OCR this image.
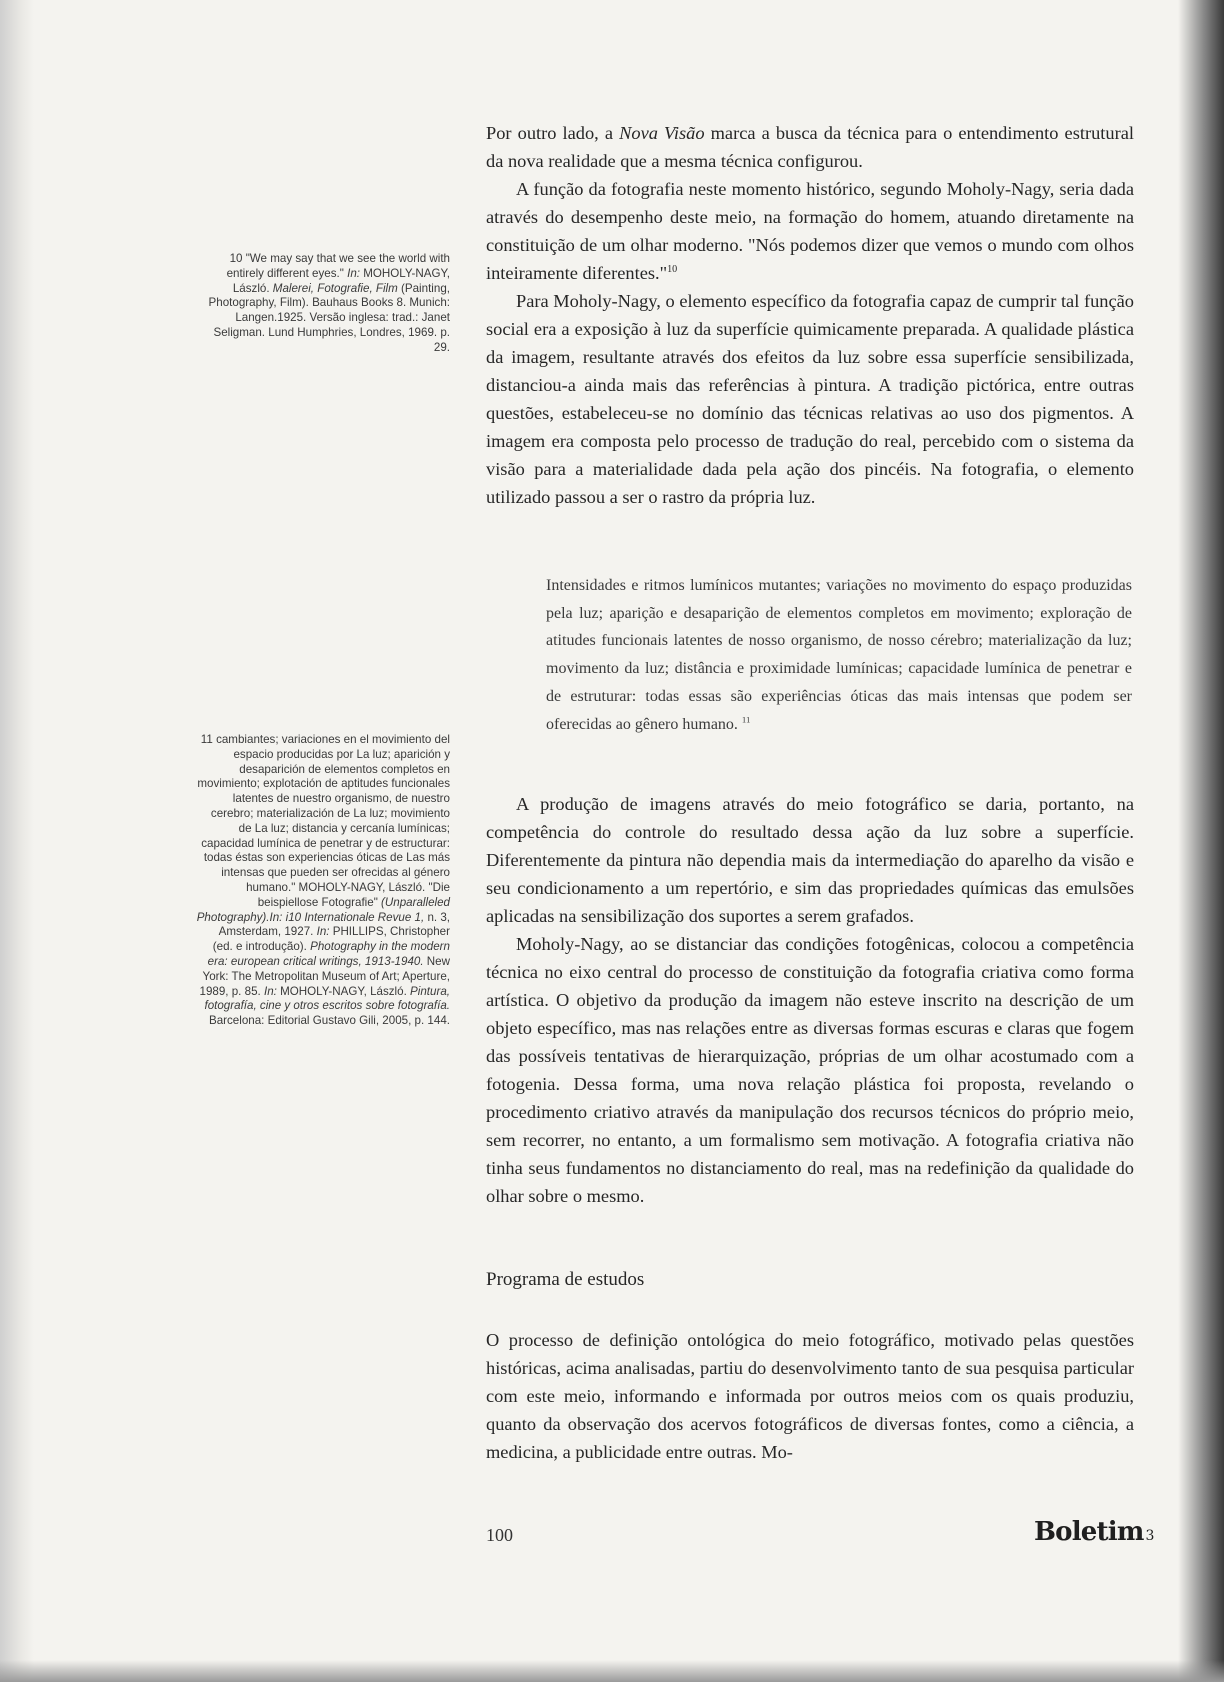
10 "We may say that we see the world with entirely different eyes." In: MOHOLY-NAGY, László. Malerei, Fotografie, Film (Painting, Photography, Film). Bauhaus Books 8. Munich: Langen.1925. Versão inglesa: trad.: Janet Seligman. Lund Humphries, Londres, 1969. p. 29.

11 cambiantes; variaciones en el movimiento del espacio producidas por La luz; aparición y desaparición de elementos completos en movimiento; explotación de aptitudes funcionales latentes de nuestro organismo, de nuestro cerebro; materialización de La luz; movimiento de La luz; distancia y cercanía lumínicas; capacidad lumínica de penetrar y de estructurar: todas éstas son experiencias óticas de Las más intensas que pueden ser ofrecidas al género humano." MOHOLY-NAGY, László. "Die beispiellose Fotografie" (Unparalleled Photography).In: i10 Internationale Revue 1, n. 3, Amsterdam, 1927. In: PHILLIPS, Christopher (ed. e introdução). Photography in the modern era: european critical writings, 1913-1940. New York: The Metropolitan Museum of Art; Aperture, 1989, p. 85. In: MOHOLY-NAGY, László. Pintura, fotografía, cine y otros escritos sobre fotografía. Barcelona: Editorial Gustavo Gili, 2005, p. 144.

Por outro lado, a Nova Visão marca a busca da técnica para o entendimento estrutural da nova realidade que a mesma técnica configurou.

A função da fotografia neste momento histórico, segundo Moholy-Nagy, seria dada através do desempenho deste meio, na formação do homem, atuando diretamente na constituição de um olhar moderno. "Nós podemos dizer que vemos o mundo com olhos inteiramente diferentes."$^{10}$

Para Moholy-Nagy, o elemento específico da fotografia capaz de cumprir tal função social era a exposição à luz da superfície quimicamente preparada. A qualidade plástica da imagem, resultante através dos efeitos da luz sobre essa superfície sensibilizada, distanciou-a ainda mais das referências à pintura. A tradição pictórica, entre outras questões, estabeleceu-se no domínio das técnicas relativas ao uso dos pigmentos. A imagem era composta pelo processo de tradução do real, percebido com o sistema da visão para a materialidade dada pela ação dos pincéis. Na fotografia, o elemento utilizado passou a ser o rastro da própria luz.

Intensidades e ritmos lumínicos mutantes; variações no movimento do espaço produzidas pela luz; aparição e desaparição de elementos completos em movimento; exploração de atitudes funcionais latentes de nosso organismo, de nosso cérebro; materialização da luz; movimento da luz; distância e proximidade lumínicas; capacidade lumínica de penetrar e de estruturar: todas essas são experiências óticas das mais intensas que podem ser oferecidas ao gênero humano. $^{11}$

A produção de imagens através do meio fotográfico se daria, portanto, na competência do controle do resultado dessa ação da luz sobre a superfície. Diferentemente da pintura não dependia mais da intermediação do aparelho da visão e seu condicionamento a um repertório, e sim das propriedades químicas das emulsões aplicadas na sensibilização dos suportes a serem grafados.

Moholy-Nagy, ao se distanciar das condições fotogênicas, colocou a competência técnica no eixo central do processo de constituição da fotografia criativa como forma artística. O objetivo da produção da imagem não esteve inscrito na descrição de um objeto específico, mas nas relações entre as diversas formas escuras e claras que fogem das possíveis tentativas de hierarquização, próprias de um olhar acostumado com a fotogenia. Dessa forma, uma nova relação plástica foi proposta, revelando o procedimento criativo através da manipulação dos recursos técnicos do próprio meio, sem recorrer, no entanto, a um formalismo sem motivação. A fotografia criativa não tinha seus fundamentos no distanciamento do real, mas na redefinição da qualidade do olhar sobre o mesmo.

Programa de estudos

O processo de definição ontológica do meio fotográfico, motivado pelas questões históricas, acima analisadas, partiu do desenvolvimento tanto de sua pesquisa particular com este meio, informando e informada por outros meios com os quais produziu, quanto da observação dos acervos fotográficos de diversas fontes, como a ciência, a medicina, a publicidade entre outras. Mo-

100	Boletim 3
